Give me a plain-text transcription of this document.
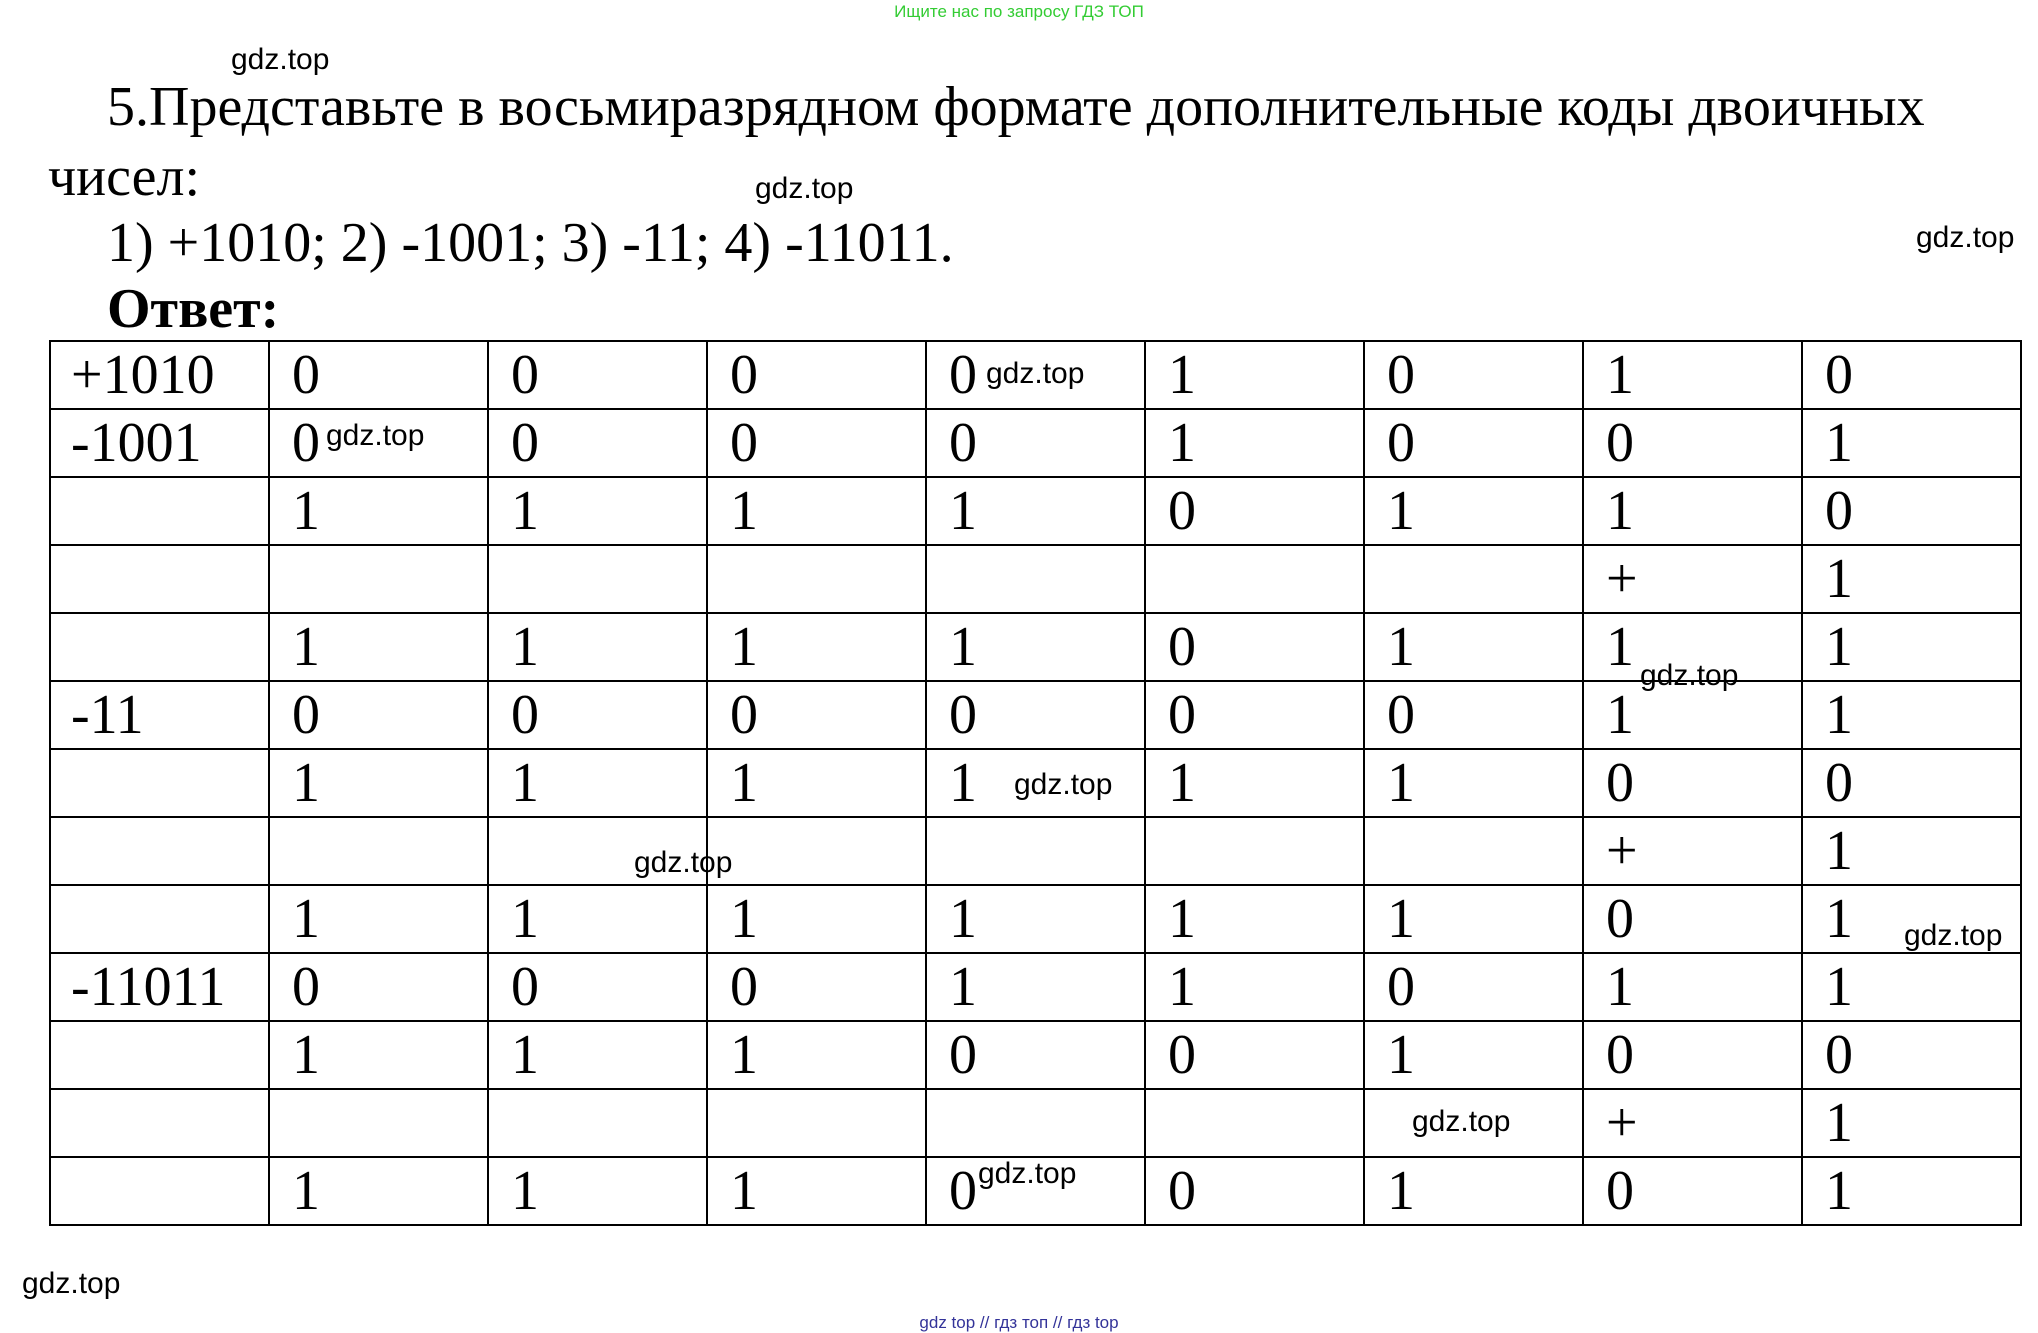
Ищите нас по запросу ГДЗ ТОП
5.Представьте в восьмиразрядном формате дополнительные коды двоичных
чисел:
1) +1010; 2) -1001; 3) -11; 4) -11011.
Ответ:
+1010	0	0	0	0	1	0	1	0
-1001	0	0	0	0	1	0	0	1
	1	1	1	1	0	1	1	0
							+	1
	1	1	1	1	0	1	1	1
-11	0	0	0	0	0	0	1	1
	1	1	1	1	1	1	0	0
							+	1
	1	1	1	1	1	1	0	1
-11011	0	0	0	1	1	0	1	1
	1	1	1	0	0	1	0	0
							+	1
	1	1	1	0	0	1	0	1
gdz.top
gdz.top
gdz.top
gdz.top
gdz.top
gdz.top
gdz.top
gdz.top
gdz.top
gdz.top
gdz.top
gdz.top
gdz top // гдз топ // гдз top
